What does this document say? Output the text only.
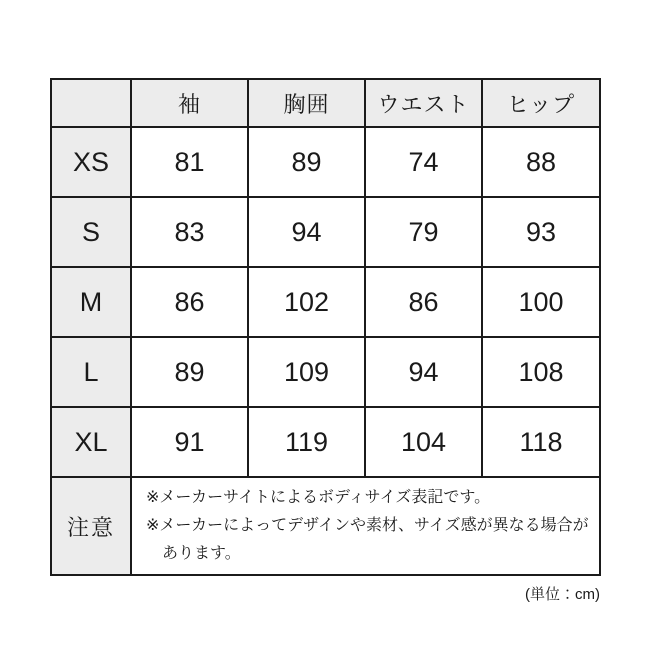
	袖	胸囲	ウエスト	ヒップ
XS	81	89	74	88
S	83	94	79	93
M	86	102	86	100
L	89	109	94	108
XL	91	119	104	118
注意	※メーカーサイトによるボディサイズ表記です。
※メーカーによってデザインや素材、サイズ感が異なる場合があります。			
(単位：cm)
